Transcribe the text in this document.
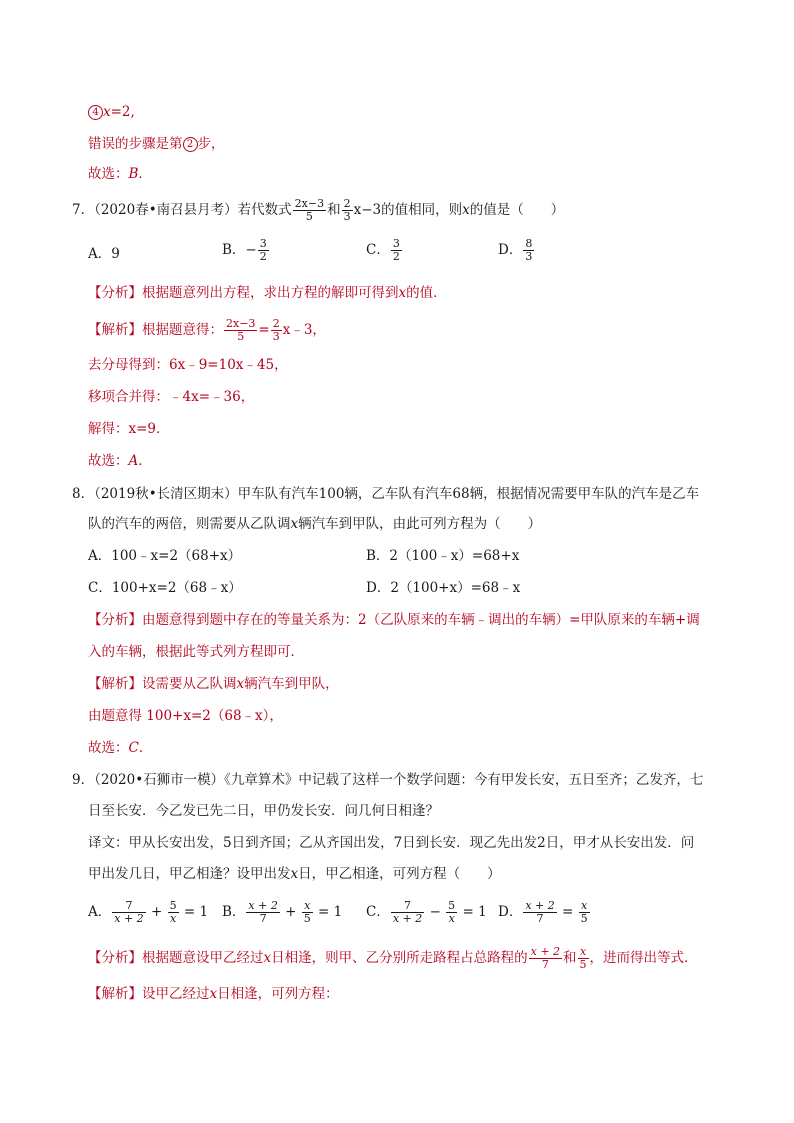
4 x=2,
错误的步骤是第 2 步，
故选：B．
7．（2020春•南召县月考）若代数式 $\frac{2x-3}{5}$ 和 $\frac{2}{3} x-3$的值相同，则x的值是（　　）
A．9	B．− $\frac{3}{2}$	C． $\frac{3}{2}$	D． $\frac{8}{3}$
【分析】根据题意列出方程，求出方程的解即可得到x的值．
【解析】根据题意得： $\frac{2x-3}{5} = \frac{2}{3}$ x﹣3，
去分母得到：6x﹣9=10x﹣45，
移项合并得：﹣4x=﹣36，
解得：x=9．
故选：A．
8．（2019秋•长清区期末）甲车队有汽车100辆，乙车队有汽车68辆，根据情况需要甲车队的汽车是乙车
队的汽车的两倍，则需要从乙队调x辆汽车到甲队，由此可列方程为（　　）
A．100﹣x=2（68+x）	B．2（100﹣x）=68+x
C．100+x=2（68﹣x）	D．2（100+x）=68﹣x
【分析】由题意得到题中存在的等量关系为：2（乙队原来的车辆﹣调出的车辆）=甲队原来的车辆+调
入的车辆，根据此等式列方程即可．
【解析】设需要从乙队调x辆汽车到甲队，
由题意得 100+x=2（68﹣x），
故选：C．
9．（2020•石狮市一模）《九章算术》中记载了这样一个数学问题：今有甲发长安，五日至齐；乙发齐，七
日至长安．今乙发已先二日，甲仍发长安．问几何日相逢？
译文：甲从长安出发，5日到齐国；乙从齐国出发，7日到长安．现乙先出发2日，甲才从长安出发．问
甲出发几日，甲乙相逢？设甲出发x日，甲乙相逢，可列方程（　　）
A． $\frac{7}{x + 2} + \frac{5}{x} = 1$ B． $\frac{x + 2}{7} + \frac{x}{5} = 1$ C． $\frac{7}{x + 2} - \frac{5}{x} = 1$ D． $\frac{x + 2}{7} = \frac{x}{5}$
【分析】根据题意设甲乙经过x日相逢，则甲、乙分别所走路程占总路程的 $\frac{x + 2}{7}$ 和 $\frac{x}{5}$ ，进而得出等式．
【解析】设甲乙经过x日相逢，可列方程：
